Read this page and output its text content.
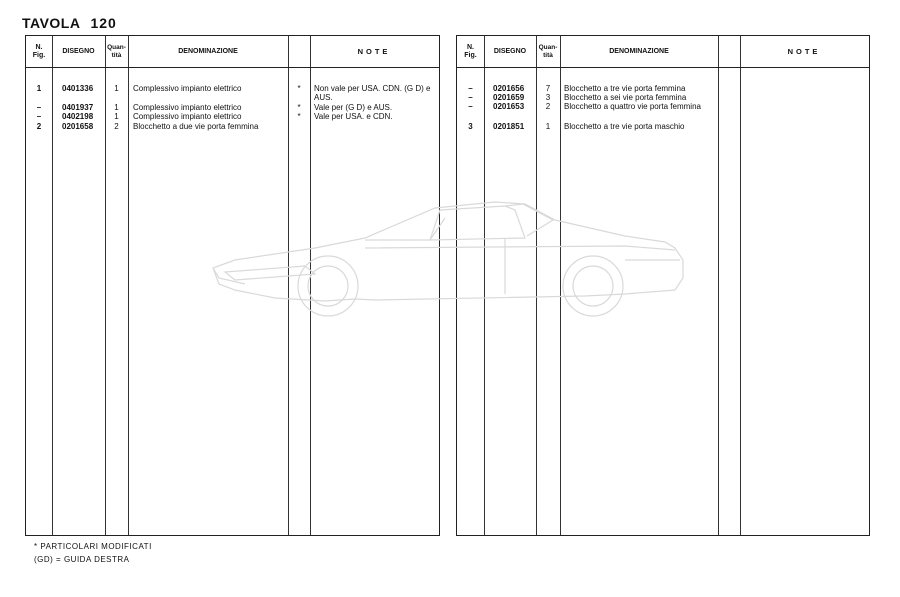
TAVOLA 120
N. Fig.
DISEGNO
Quan- tità
DENOMINAZIONE	NOTE
1	0401336	1	Complessivo impianto elettrico	*	Non vale per USA. CDN. (G D) e AUS.
–	0401937	1	Complessivo impianto elettrico	*	Vale per (G D) e AUS.
–	0402198	1	Complessivo impianto elettrico	*	Vale per USA. e CDN.
2	0201658	2	Blocchetto a due vie porta femmina
N. Fig.
DISEGNO
Quan- tità
DENOMINAZIONE	NOTE
–	0201656	7	Blocchetto a tre vie porta femmina
–	0201659	3	Blocchetto a sei vie porta femmina
–	0201653	2	Blocchetto a quattro vie porta femmina
3	0201851	1	Blocchetto a tre vie porta maschio
* PARTICOLARI MODIFICATI
(GD) = GUIDA DESTRA
